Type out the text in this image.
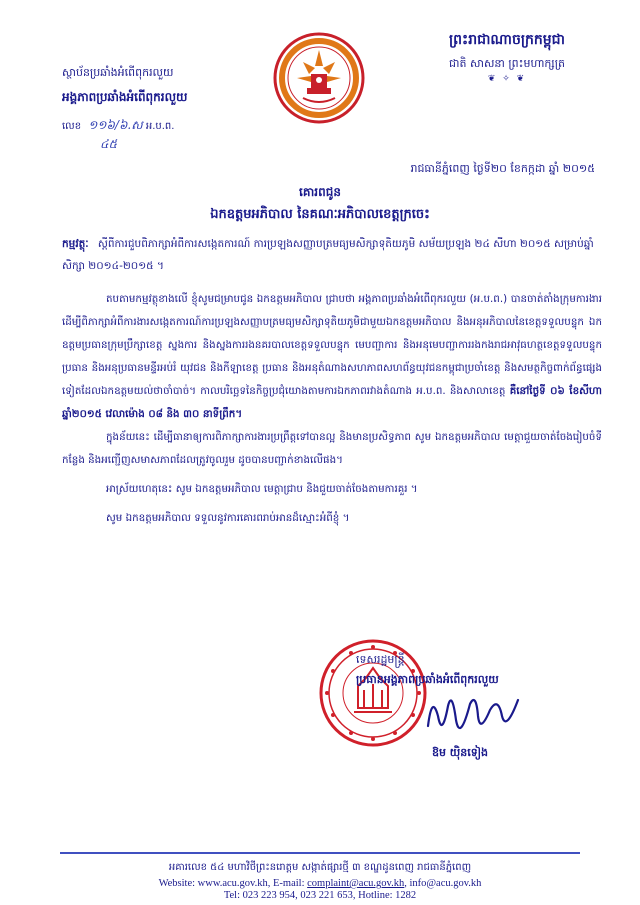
ព្រះរាជាណាចក្រកម្ពុជា
ជាតិ សាសនា ព្រះមហាក្សត្រ
❦ ✧ ❦
ស្ថាប័នប្រឆាំងអំពើពុករលួយ
អង្គភាពប្រឆាំងអំពើពុករលួយ
លេខ ១១៦/៦.ស អ.ប.ព.
៤៥
រាជធានីភ្នំពេញ ថ្ងៃទី២០ ខែកក្កដា ឆ្នាំ ២០១៥
គោរពជូន
ឯកឧត្តមអភិបាល នៃគណៈអភិបាលខេត្តក្រចេះ
កម្មវត្ថុៈ ស្តីពីការជួបពិភាក្សាអំពីការសង្កេតការណ៍ ការប្រឡងសញ្ញាបត្រមធ្យមសិក្សាទុតិយភូមិ សម័យប្រឡង ២៤ សីហា ២០១៥ សម្រាប់ឆ្នាំសិក្សា ២០១៤-២០១៥ ។

តបតាមកម្មវត្ថុខាងលើ ខ្ញុំសូមជម្រាបជូន ឯកឧត្តមអភិបាល ជ្រាបថា អង្គភាពប្រឆាំងអំពើពុករលួយ (អ.ប.ព.) បានចាត់តាំងក្រុមការងារដើម្បីពិភាក្សាអំពីការងារសង្កេតការណ៍ការប្រឡងសញ្ញាបត្រមធ្យមសិក្សាទុតិយភូមិជាមួយឯកឧត្តមអភិបាល និងអនុអភិបាលនៃខេត្តទទួលបន្ទុក ឯកឧត្តមប្រធានក្រុមប្រឹក្សាខេត្ត ស្នងការ និងស្នងការរងនគរបាលខេត្តទទួលបន្ទុក មេបញ្ជាការ និងអនុមេបញ្ជាការរងកងរាជអាវុធហត្ថខេត្តទទួលបន្ទុក ប្រធាន និងអនុប្រធានមន្ទីរអប់រំ យុវជន និងកីឡាខេត្ត ប្រធាន និងអនុតំណាងសហភាពសហព័ន្ធយុវជនកម្ពុជាប្រចាំខេត្ត និងសមត្ថកិច្ចពាក់ព័ន្ធផ្សេងទៀតដែលឯកឧត្តមយល់ថាចាំបាច់។ កាលបរិច្ឆេទនៃកិច្ចប្រជុំយោងតាមការឯកភាពរវាងតំណាង អ.ប.ព. និងសាលាខេត្ត គឺនៅថ្ងៃទី ០៦ ខែសីហា ឆ្នាំ២០១៥ វេលាម៉ោង ០៨ និង ៣០ នាទីព្រឹក។

ក្នុងន័យនេះ ដើម្បីធានាឲ្យការពិភាក្សាការងារប្រព្រឹត្តទៅបានល្អ និងមានប្រសិទ្ធភាព សូម ឯកឧត្តមអភិបាល មេត្តាជួយចាត់ចែងរៀបចំទីកន្លែង និងអញ្ជើញសមាសភាពដែលត្រូវចូលរួម ដូចបានបញ្ជាក់ខាងលើផង។

អាស្រ័យហេតុនេះ សូម ឯកឧត្តមអភិបាល មេត្តាជ្រាប និងជួយចាត់ចែងតាមការគួរ ។

សូម ឯកឧត្តមអភិបាល ទទួលនូវការគោរពរាប់អានដ៏ស្មោះអំពីខ្ញុំ ។

ទេសរដ្ឋមន្ត្រី
ប្រធានអង្គភាពប្រឆាំងអំពើពុករលួយ
ឱម យ៉ិនទៀង
អគារលេខ ៥៤ មហាវិថីព្រះនរោត្តម សង្កាត់ផ្សារថ្មី ៣ ខណ្ឌដូនពេញ រាជធានីភ្នំពេញ
Website: www.acu.gov.kh, E-mail: complaint@acu.gov.kh, info@acu.gov.kh
Tel: 023 223 954, 023 221 653, Hotline: 1282
